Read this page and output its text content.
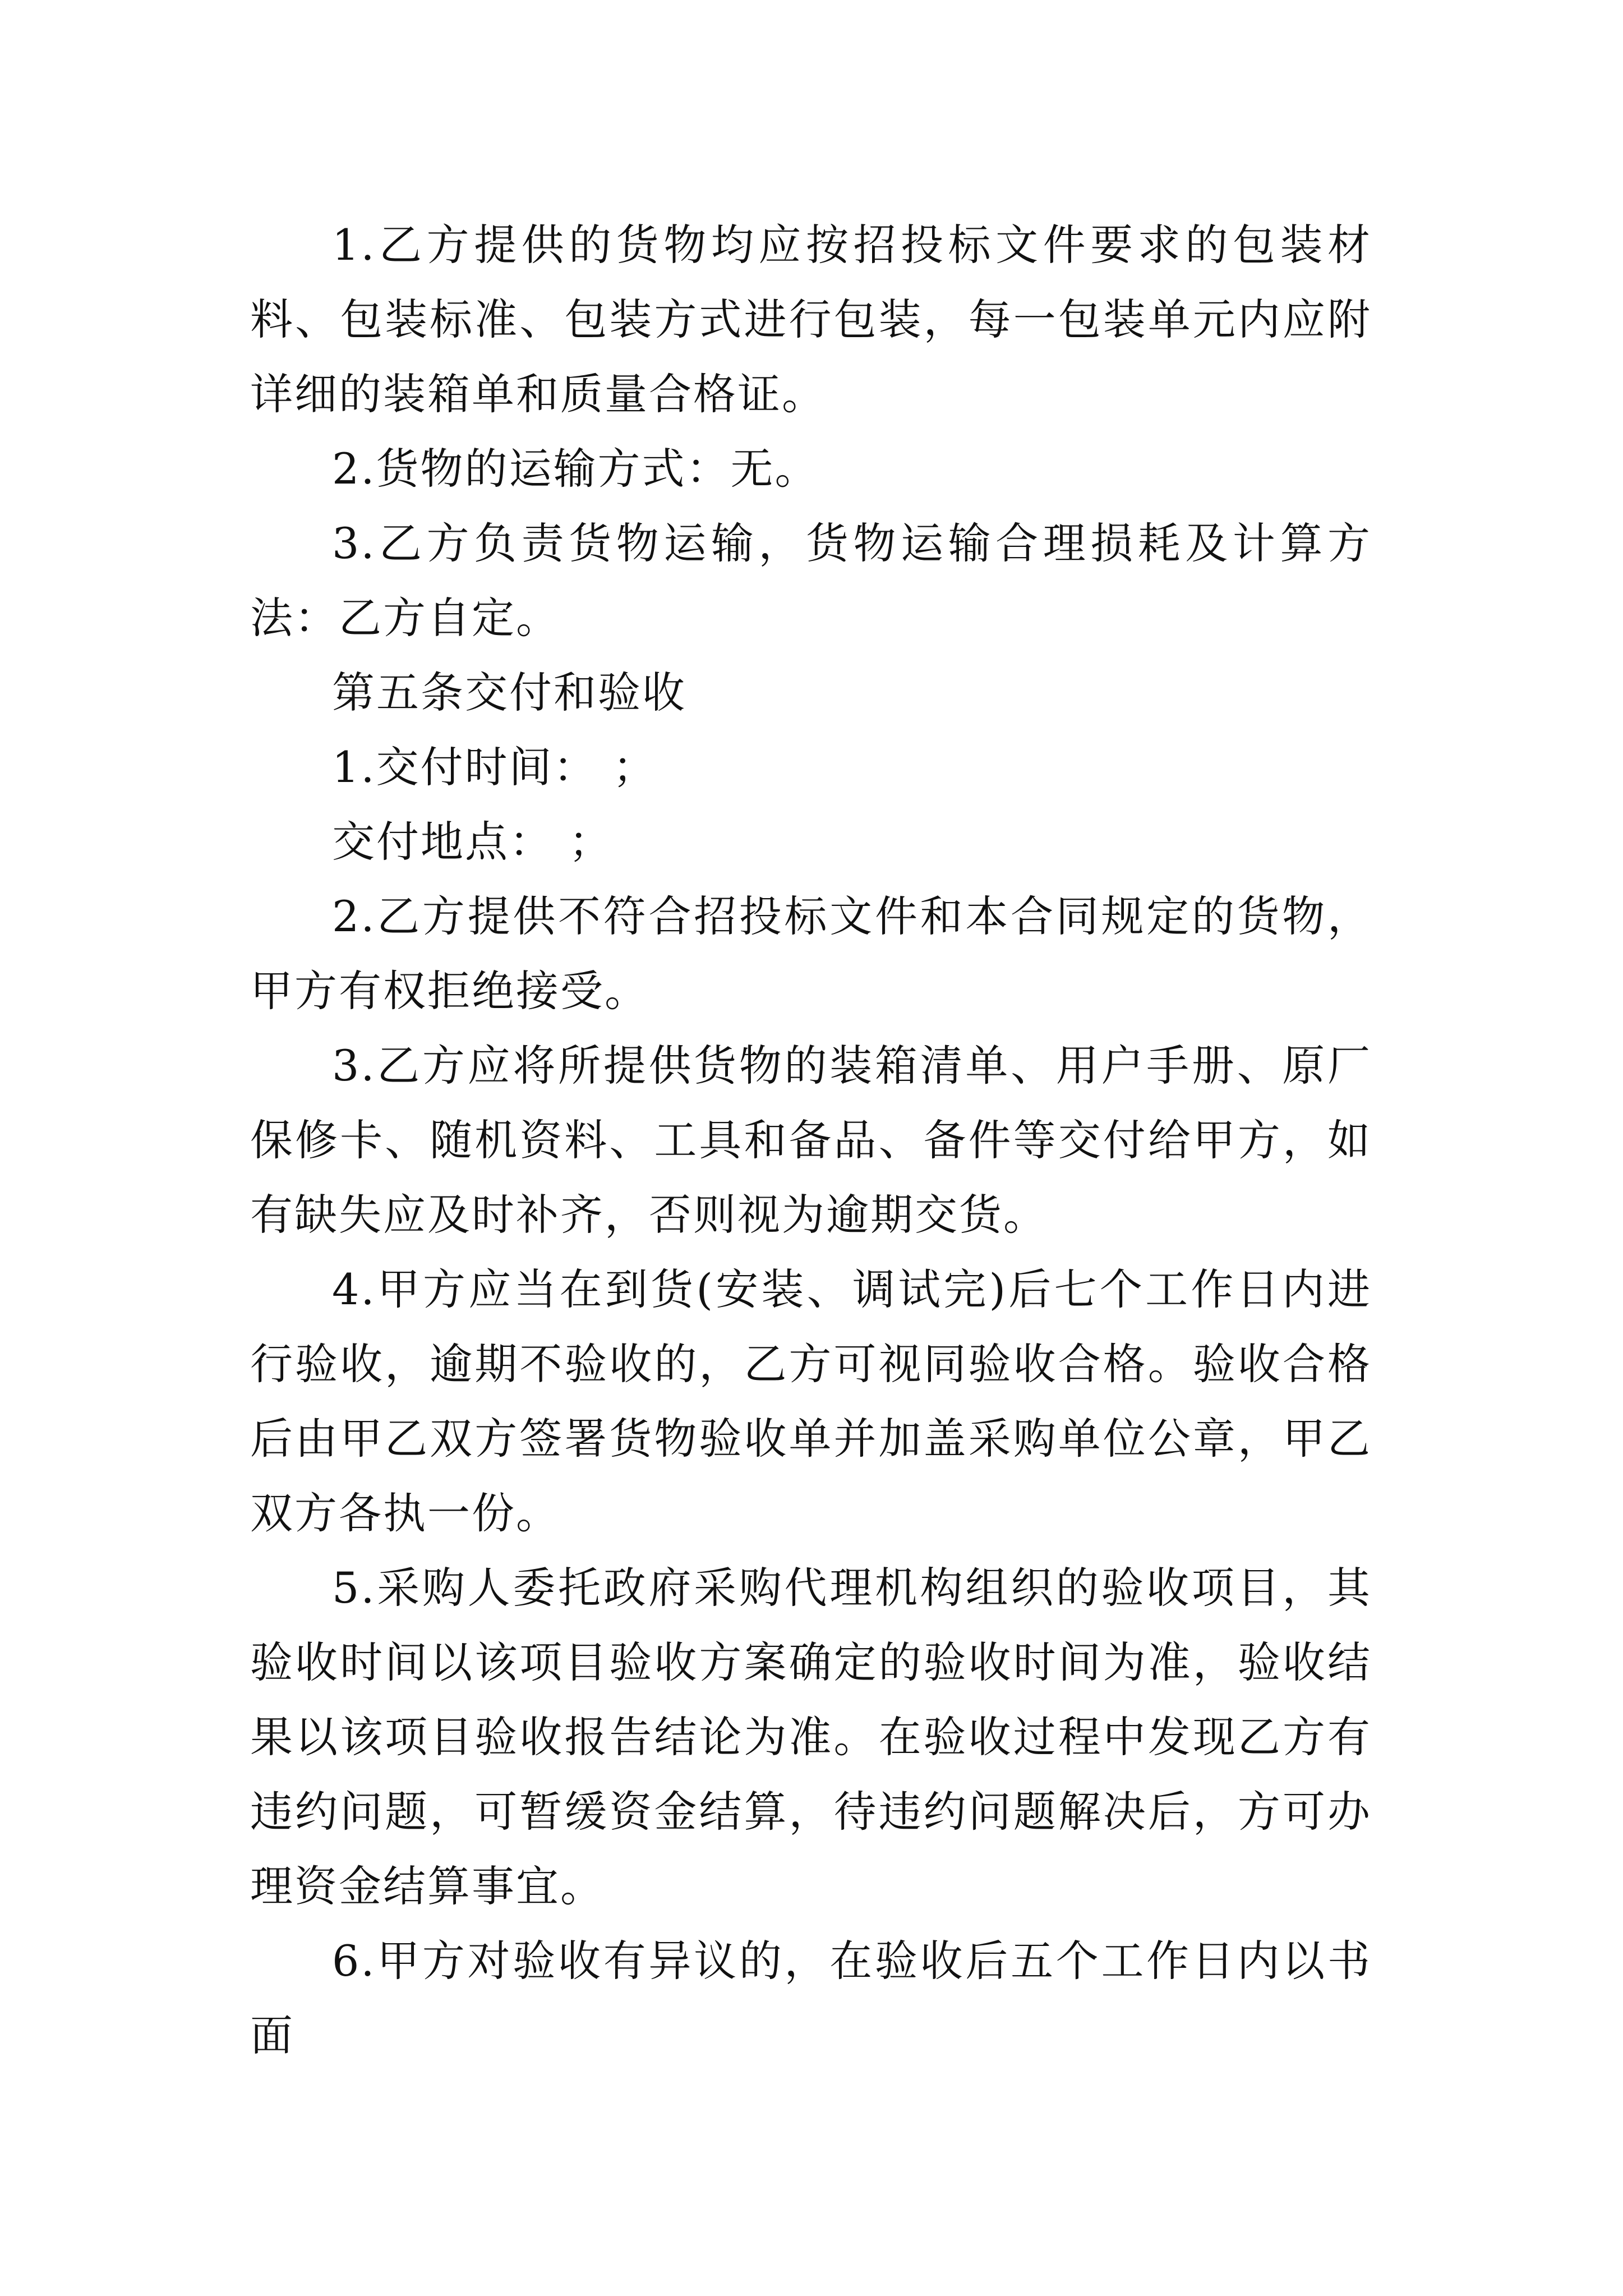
1.乙方提供的货物均应按招投标文件要求的包装材料、包装标准、包装方式进行包装，每一包装单元内应附详细的装箱单和质量合格证。

2.货物的运输方式：无。

3.乙方负责货物运输，货物运输合理损耗及计算方法：乙方自定。

第五条交付和验收

1.交付时间： ；

交付地点： ；

2.乙方提供不符合招投标文件和本合同规定的货物，甲方有权拒绝接受。

3.乙方应将所提供货物的装箱清单、用户手册、原厂保修卡、随机资料、工具和备品、备件等交付给甲方，如有缺失应及时补齐，否则视为逾期交货。

4.甲方应当在到货(安装、调试完)后七个工作日内进行验收，逾期不验收的，乙方可视同验收合格。验收合格后由甲乙双方签署货物验收单并加盖采购单位公章，甲乙双方各执一份。

5.采购人委托政府采购代理机构组织的验收项目，其验收时间以该项目验收方案确定的验收时间为准，验收结果以该项目验收报告结论为准。在验收过程中发现乙方有违约问题，可暂缓资金结算，待违约问题解决后，方可办理资金结算事宜。

6.甲方对验收有异议的，在验收后五个工作日内以书面
